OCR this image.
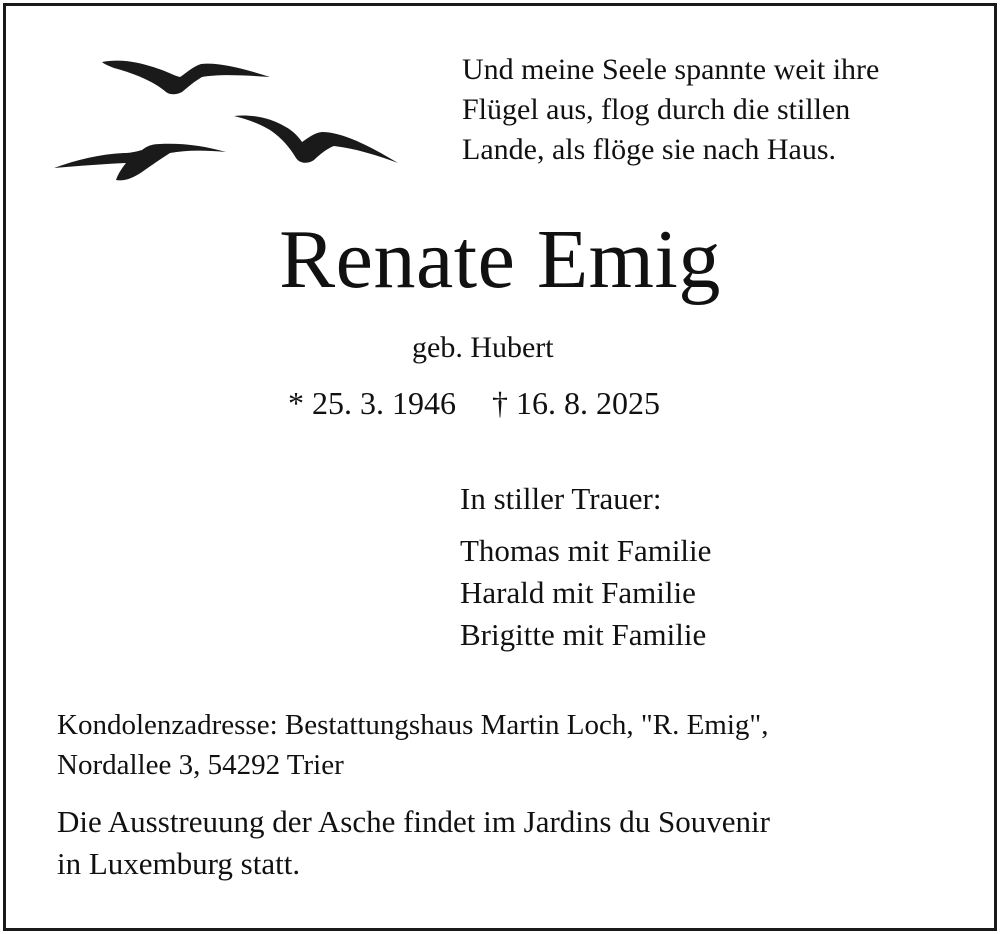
Und meine Seele spannte weit ihre
Flügel aus, flog durch die stillen
Lande, als flöge sie nach Haus.
Renate Emig
geb. Hubert
* 25. 3. 1946 † 16. 8. 2025
In stiller Trauer:
Thomas mit Familie
Harald mit Familie
Brigitte mit Familie
Kondolenzadresse: Bestattungshaus Martin Loch, "R. Emig",
Nordallee 3, 54292 Trier
Die Ausstreuung der Asche findet im Jardins du Souvenir
in Luxemburg statt.
